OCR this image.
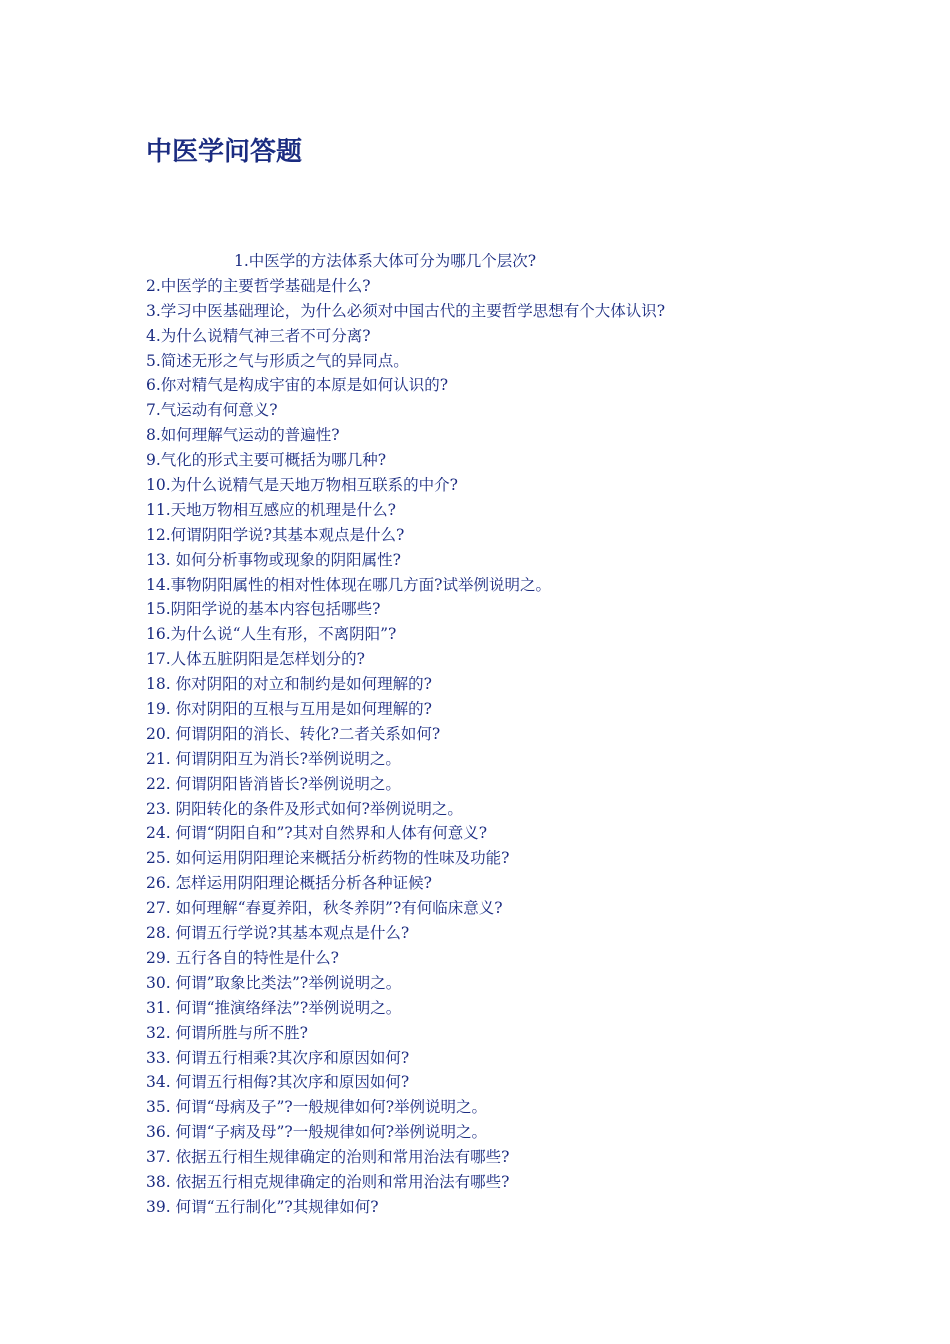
中医学问答题
1.中医学的方法体系大体可分为哪几个层次?
2.中医学的主要哲学基础是什么?
3.学习中医基础理论，为什么必须对中国古代的主要哲学思想有个大体认识?
4.为什么说精气神三者不可分离?
5.简述无形之气与形质之气的异同点。
6.你对精气是构成宇宙的本原是如何认识的?
7.气运动有何意义?
8.如何理解气运动的普遍性?
9.气化的形式主要可概括为哪几种?
10.为什么说精气是天地万物相互联系的中介?
11.天地万物相互感应的机理是什么?
12.何谓阴阳学说?其基本观点是什么?
13. 如何分析事物或现象的阴阳属性?
14.事物阴阳属性的相对性体现在哪几方面?试举例说明之。
15.阴阳学说的基本内容包括哪些?
16.为什么说“人生有形，不离阴阳”?
17.人体五脏阴阳是怎样划分的?
18. 你对阴阳的对立和制约是如何理解的?
19. 你对阴阳的互根与互用是如何理解的?
20. 何谓阴阳的消长、转化?二者关系如何?
21. 何谓阴阳互为消长?举例说明之。
22. 何谓阴阳皆消皆长?举例说明之。
23. 阴阳转化的条件及形式如何?举例说明之。
24. 何谓“阴阳自和”?其对自然界和人体有何意义?
25. 如何运用阴阳理论来概括分析药物的性味及功能?
26. 怎样运用阴阳理论概括分析各种证候?
27. 如何理解“春夏养阳，秋冬养阴”?有何临床意义?
28. 何谓五行学说?其基本观点是什么?
29. 五行各自的特性是什么?
30. 何谓”取象比类法”?举例说明之。
31. 何谓“推演络绎法”?举例说明之。
32. 何谓所胜与所不胜?
33. 何谓五行相乘?其次序和原因如何?
34. 何谓五行相侮?其次序和原因如何?
35. 何谓“母病及子”?一般规律如何?举例说明之。
36. 何谓“子病及母”?一般规律如何?举例说明之。
37. 依据五行相生规律确定的治则和常用治法有哪些?
38. 依据五行相克规律确定的治则和常用治法有哪些?
39. 何谓“五行制化”?其规律如何?
